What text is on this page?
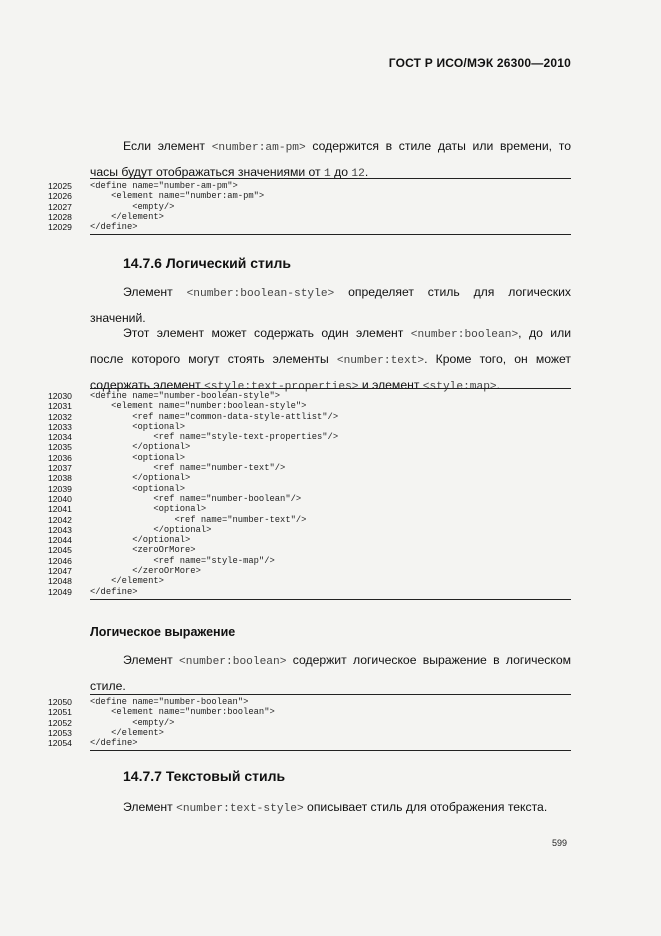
ГОСТ Р ИСО/МЭК 26300—2010
Если элемент <number:am-pm> содержится в стиле даты или времени, то часы будут отображаться значениями от 1 до 12.
12025	<define name="number-am-pm">
12026	<element name="number:am-pm">
12027	<empty/>
12028	</element>
12029	</define>
14.7.6 Логический стиль
Элемент <number:boolean-style> определяет стиль для логических значений.
Этот элемент может содержать один элемент <number:boolean>, до или после которого могут стоять элементы <number:text>. Кроме того, он может содержать элемент <style:text-properties> и элемент <style:map>.
12030	<define name="number-boolean-style">
12031	<element name="number:boolean-style">
12032	<ref name="common-data-style-attlist"/>
12033	<optional>
12034	<ref name="style-text-properties"/>
12035	</optional>
12036	<optional>
12037	<ref name="number-text"/>
12038	</optional>
12039	<optional>
12040	<ref name="number-boolean"/>
12041	<optional>
12042	<ref name="number-text"/>
12043	</optional>
12044	</optional>
12045	<zeroOrMore>
12046	<ref name="style-map"/>
12047	</zeroOrMore>
12048	</element>
12049	</define>
Логическое выражение
Элемент <number:boolean> содержит логическое выражение в логическом стиле.
12050	<define name="number-boolean">
12051	<element name="number:boolean">
12052	<empty/>
12053	</element>
12054	</define>
14.7.7 Текстовый стиль
Элемент <number:text-style> описывает стиль для отображения текста.
599
